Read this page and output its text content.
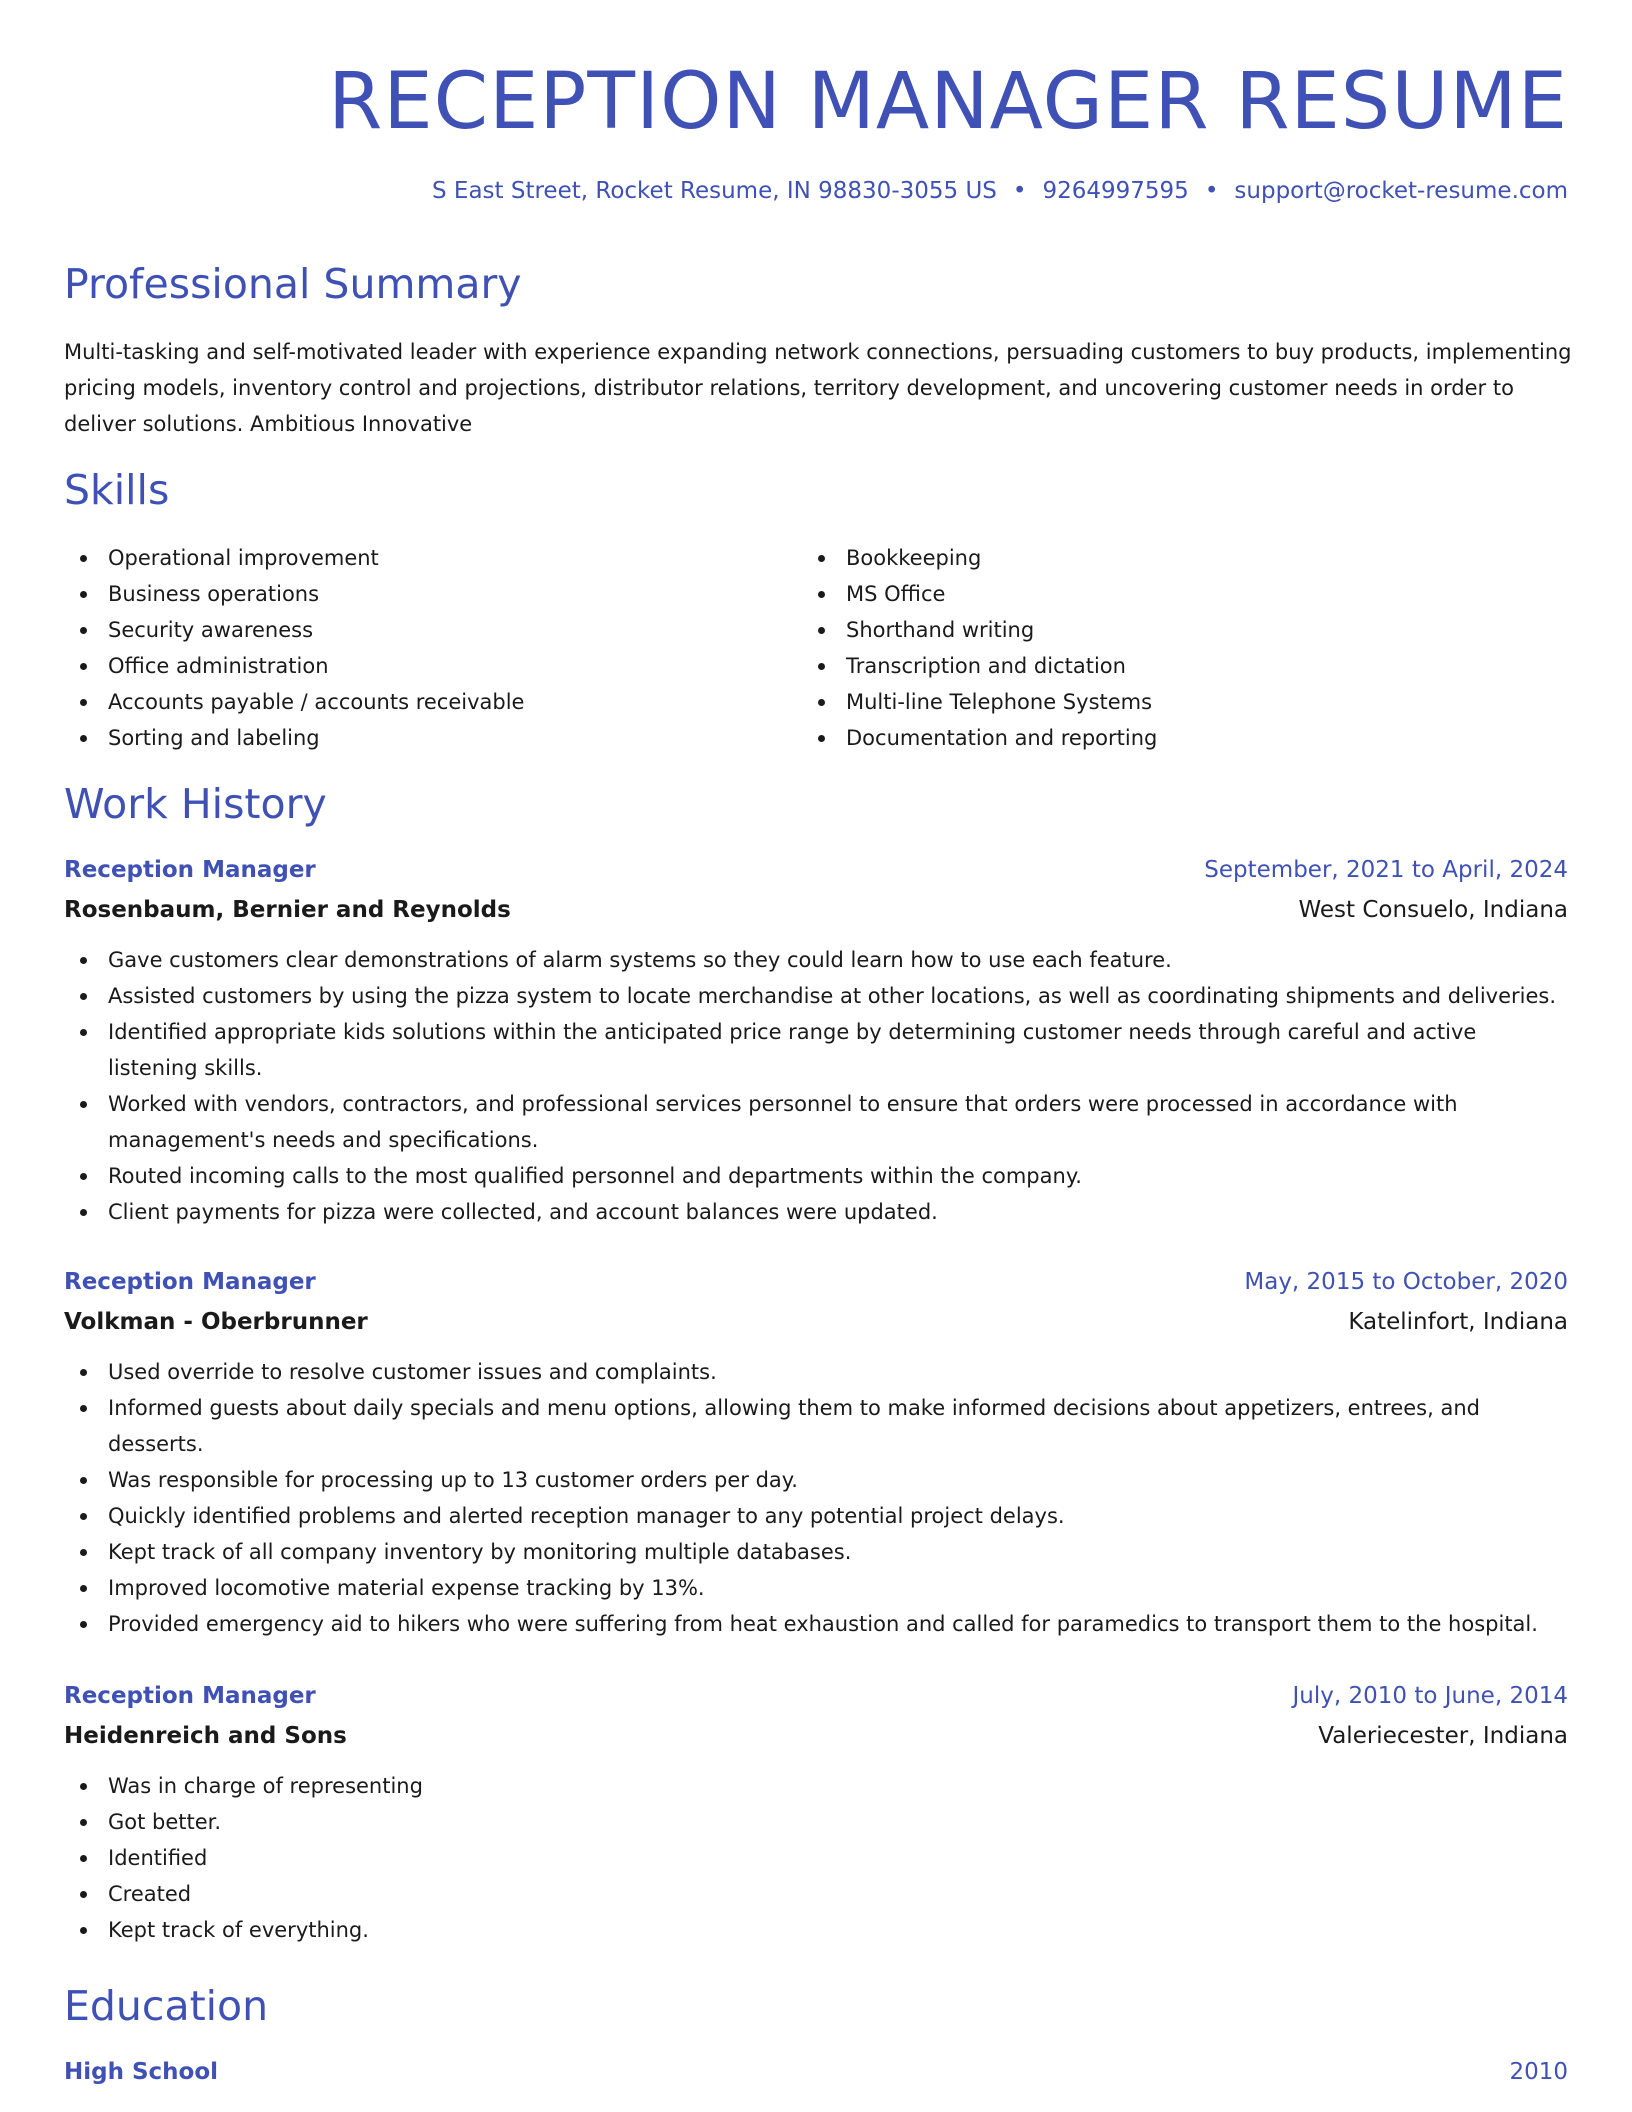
RECEPTION MANAGER RESUME
S East Street, Rocket Resume, IN 98830-3055 US • 9264997595 • support@rocket-resume.com
Professional Summary

Multi-tasking and self-motivated leader with experience expanding network connections, persuading customers to buy products, implementing pricing models, inventory control and projections, distributor relations, territory development, and uncovering customer needs in order to deliver solutions. Ambitious Innovative

Skills
Operational improvement
Business operations
Security awareness
Office administration
Accounts payable / accounts receivable
Sorting and labeling
Bookkeeping
MS Office
Shorthand writing
Transcription and dictation
Multi-line Telephone Systems
Documentation and reporting
Work History
Reception Manager	September, 2021 to April, 2024
Rosenbaum, Bernier and Reynolds	West Consuelo, Indiana
Gave customers clear demonstrations of alarm systems so they could learn how to use each feature.
Assisted customers by using the pizza system to locate merchandise at other locations, as well as coordinating shipments and deliveries.
Identified appropriate kids solutions within the anticipated price range by determining customer needs through careful and active listening skills.
Worked with vendors, contractors, and professional services personnel to ensure that orders were processed in accordance with management's needs and specifications.
Routed incoming calls to the most qualified personnel and departments within the company.
Client payments for pizza were collected, and account balances were updated.
Reception Manager	May, 2015 to October, 2020
Volkman - Oberbrunner	Katelinfort, Indiana
Used override to resolve customer issues and complaints.
Informed guests about daily specials and menu options, allowing them to make informed decisions about appetizers, entrees, and desserts.
Was responsible for processing up to 13 customer orders per day.
Quickly identified problems and alerted reception manager to any potential project delays.
Kept track of all company inventory by monitoring multiple databases.
Improved locomotive material expense tracking by 13%.
Provided emergency aid to hikers who were suffering from heat exhaustion and called for paramedics to transport them to the hospital.
Reception Manager	July, 2010 to June, 2014
Heidenreich and Sons	Valeriecester, Indiana
Was in charge of representing
Got better.
Identified
Created
Kept track of everything.
Education
High School	2010
